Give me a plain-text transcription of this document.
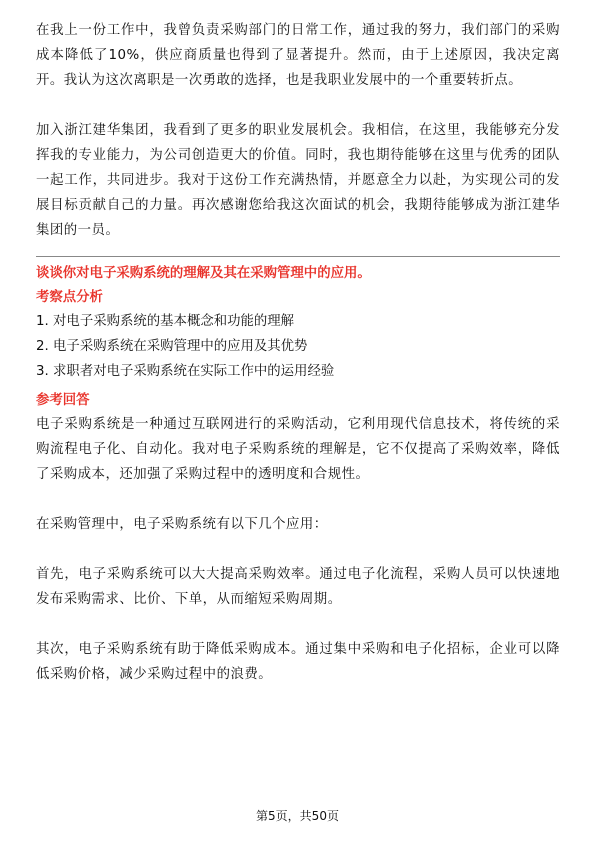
在我上一份工作中，我曾负责采购部门的日常工作，通过我的努力，我们部门的采购成本降低了10%，供应商质量也得到了显著提升。然而，由于上述原因，我决定离开。我认为这次离职是一次勇敢的选择，也是我职业发展中的一个重要转折点。

加入浙江建华集团，我看到了更多的职业发展机会。我相信，在这里，我能够充分发挥我的专业能力，为公司创造更大的价值。同时，我也期待能够在这里与优秀的团队一起工作，共同进步。我对于这份工作充满热情，并愿意全力以赴，为实现公司的发展目标贡献自己的力量。再次感谢您给我这次面试的机会，我期待能够成为浙江建华集团的一员。

谈谈你对电子采购系统的理解及其在采购管理中的应用。

考察点分析

1. 对电子采购系统的基本概念和功能的理解

2. 电子采购系统在采购管理中的应用及其优势

3. 求职者对电子采购系统在实际工作中的运用经验

参考回答

电子采购系统是一种通过互联网进行的采购活动，它利用现代信息技术，将传统的采购流程电子化、自动化。我对电子采购系统的理解是，它不仅提高了采购效率，降低了采购成本，还加强了采购过程中的透明度和合规性。

在采购管理中，电子采购系统有以下几个应用：

首先，电子采购系统可以大大提高采购效率。通过电子化流程，采购人员可以快速地发布采购需求、比价、下单，从而缩短采购周期。

其次，电子采购系统有助于降低采购成本。通过集中采购和电子化招标，企业可以降低采购价格，减少采购过程中的浪费。

第5页，共50页
